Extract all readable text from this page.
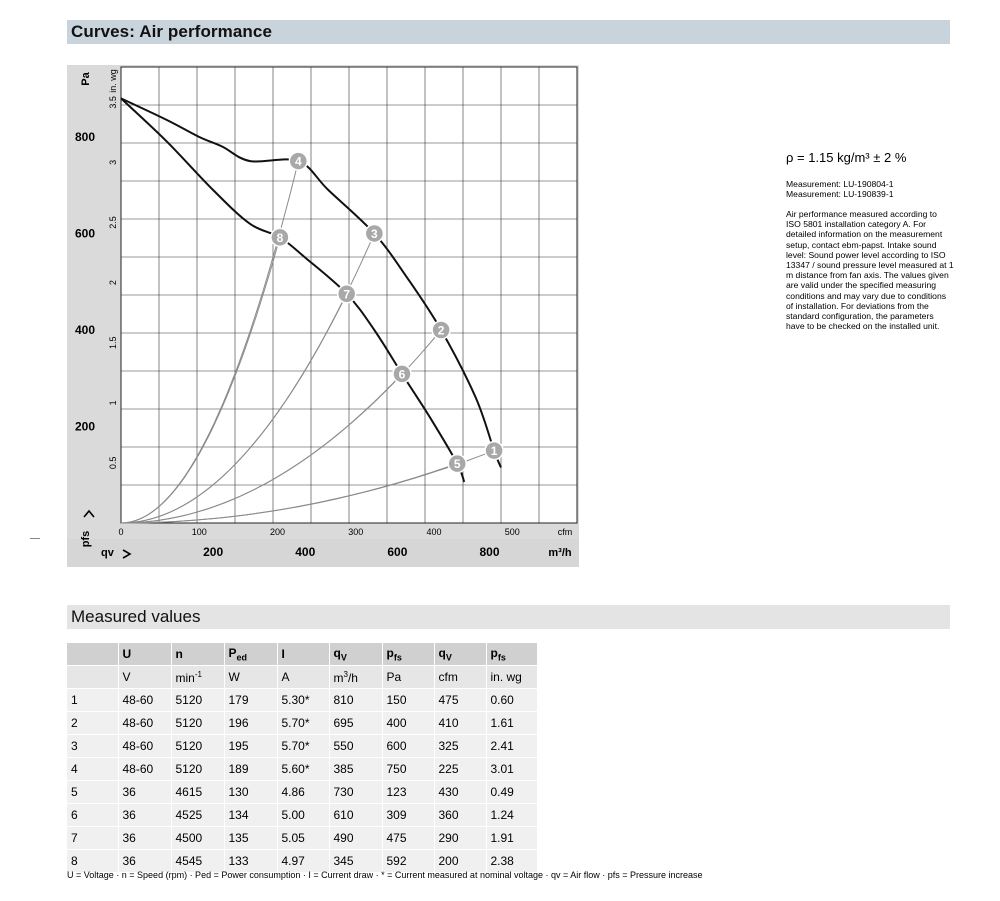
Curves: Air performance
0.5
1
1.5
2
2.5
3
3.5
in. wg
200
400
600
800
Pa
pfs	0	100	200	300	400	500	cfm
200	400	600	800	m³/h
qv
4
3
2
1
5
6
7
8

ρ = 1.15 kg/m³ ± 2 %

Measurement: LU-190804-1

Measurement: LU-190839-1

Air performance measured according to ISO 5801 installation category A. For detailed information on the measurement setup, contact ebm-papst. Intake sound level: Sound power level according to ISO 13347 / sound pressure level measured at 1 m distance from fan axis. The values given are valid under the specified measuring conditions and may vary due to conditions of installation. For deviations from the standard configuration, the parameters have to be checked on the installed unit.

Measured values
	U	n	$P_{ed}$	I	$q_V$	$p_{fs}$	$q_V$	$p_{fs}$
	V	$\min^{-1}$	W	A	$m^3/h$	Pa	cfm	in. wg
1	48-60	5120	179	5.30*	810	150	475	0.60
2	48-60	5120	196	5.70*	695	400	410	1.61
3	48-60	5120	195	5.70*	550	600	325	2.41
4	48-60	5120	189	5.60*	385	750	225	3.01
5	36	4615	130	4.86	730	123	430	0.49
6	36	4525	134	5.00	610	309	360	1.24
7	36	4500	135	5.05	490	475	290	1.91
8	36	4545	133	4.97	345	592	200	2.38
U = Voltage · n = Speed (rpm) · Ped = Power consumption · I = Current draw · * = Current measured at nominal voltage · qv = Air flow · pfs = Pressure increase
